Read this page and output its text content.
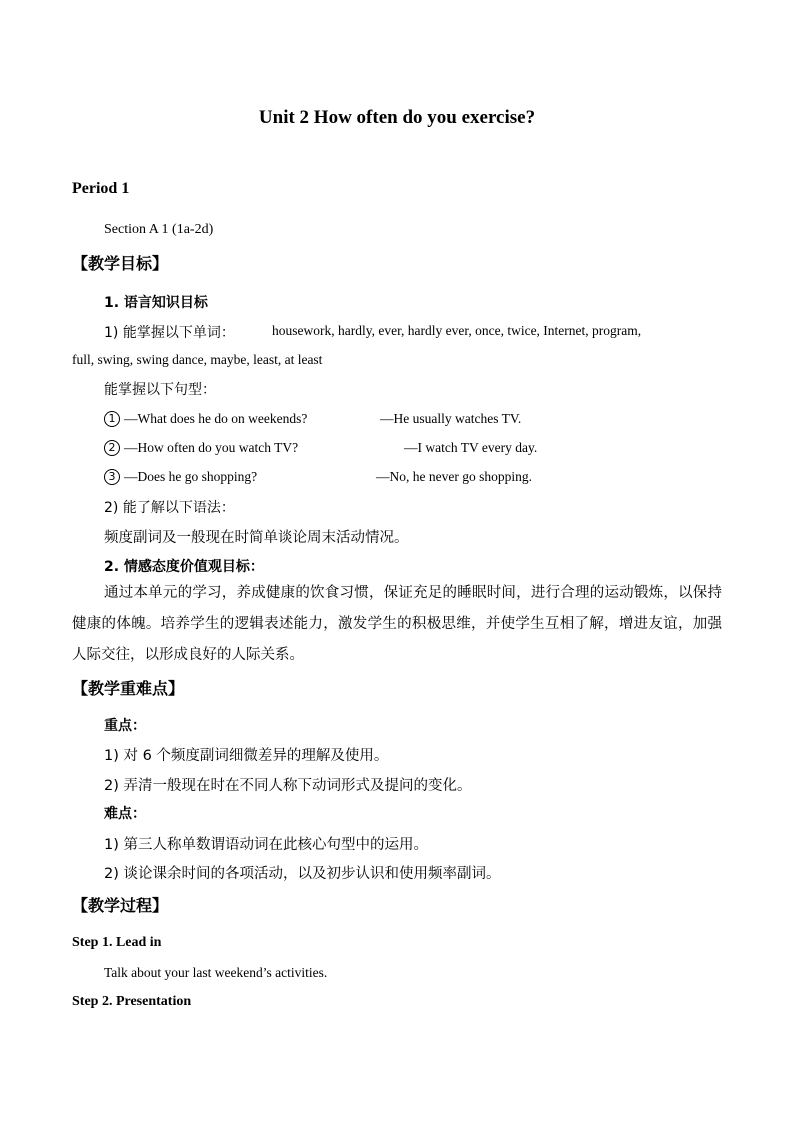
Unit 2 How often do you exercise?
Period 1
Section A 1 (1a-2d)
【教学目标】
1. 语言知识目标
1) 能掌握以下单词：	housework, hardly, ever, hardly ever, once, twice, Internet, program,
full, swing, swing dance, maybe, least, at least
能掌握以下句型：
1 —What does he do on weekends?	—He usually watches TV.
2 —How often do you watch TV?	—I watch TV every day.
3 —Does he go shopping?	—No, he never go shopping.
2) 能了解以下语法：
频度副词及一般现在时简单谈论周末活动情况。
2. 情感态度价值观目标：
通过本单元的学习，养成健康的饮食习惯，保证充足的睡眠时间，进行合理的运动锻炼，以保持健康的体魄。培养学生的逻辑表述能力，激发学生的积极思维，并使学生互相了解，增进友谊，加强人际交往，以形成良好的人际关系。
【教学重难点】
重点：
1) 对 6 个频度副词细微差异的理解及使用。
2) 弄清一般现在时在不同人称下动词形式及提问的变化。
难点：
1) 第三人称单数谓语动词在此核心句型中的运用。
2) 谈论课余时间的各项活动，以及初步认识和使用频率副词。
【教学过程】
Step 1. Lead in
Talk about your last weekend’s activities.
Step 2. Presentation
